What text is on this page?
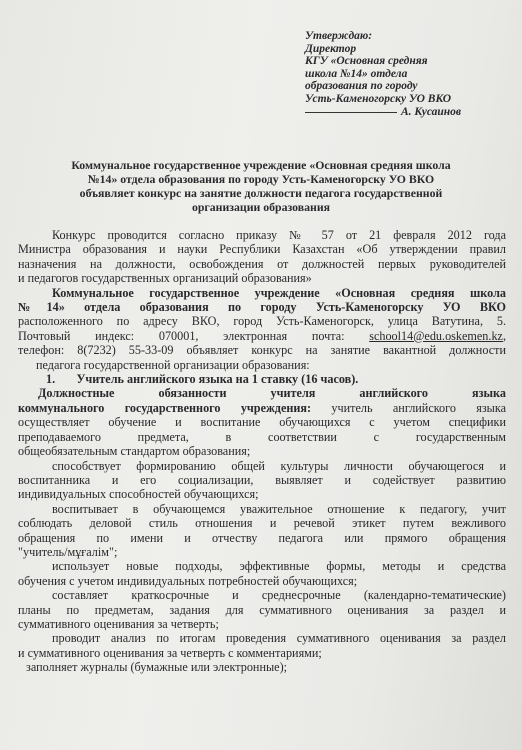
Утверждаю:
Директор
КГУ «Основная средняя
школа №14» отдела
образования по городу
Усть-Каменогорску УО ВКО
А. Кусаинов
Коммунальное государственное учреждение «Основная средняя школа
№14» отдела образования по городу Усть-Каменогорску УО ВКО
объявляет конкурс на занятие должности педагога государственной
организации образования
Конкурс проводится согласно приказу № 57 от 21 февраля 2012 года
Министра образования и науки Республики Казахстан «Об утверждении правил
назначения на должности, освобождения от должностей первых руководителей
и педагогов государственных организаций образования»
Коммунальное государственное учреждение «Основная средняя школа
№14» отдела образования по городу Усть-Каменогорску УО ВКО
расположенного по адресу ВКО, город Усть-Каменогорск, улица Ватутина, 5.
Почтовый индекс: 070001, электронная почта: school14@edu.oskemen.kz,
телефон: 8(7232) 55-33-09 объявляет конкурс на занятие вакантной должности
педагога государственной организации образования:
1.       Учитель английского языка на 1 ставку (16 часов).
Должностные обязанности учителя английского языка
коммунального государственного учреждения: учитель английского языка
осуществляет обучение и воспитание обучающихся с учетом специфики
преподаваемого предмета, в соответствии с государственным
общеобязательным стандартом образования;
способствует формированию общей культуры личности обучающегося и
воспитанника и его социализации, выявляет и содействует развитию
индивидуальных способностей обучающихся;
воспитывает в обучающемся уважительное отношение к педагогу, учит
соблюдать деловой стиль отношения и речевой этикет путем вежливого
обращения по имени и отчеству педагога или прямого обращения
"учитель/мұғалім";
использует новые подходы, эффективные формы, методы и средства
обучения с учетом индивидуальных потребностей обучающихся;
составляет краткосрочные и среднесрочные (календарно-тематические)
планы по предметам, задания для суммативного оценивания за раздел и
суммативного оценивания за четверть;
проводит анализ по итогам проведения суммативного оценивания за раздел
и суммативного оценивания за четверть с комментариями;
заполняет журналы (бумажные или электронные);
